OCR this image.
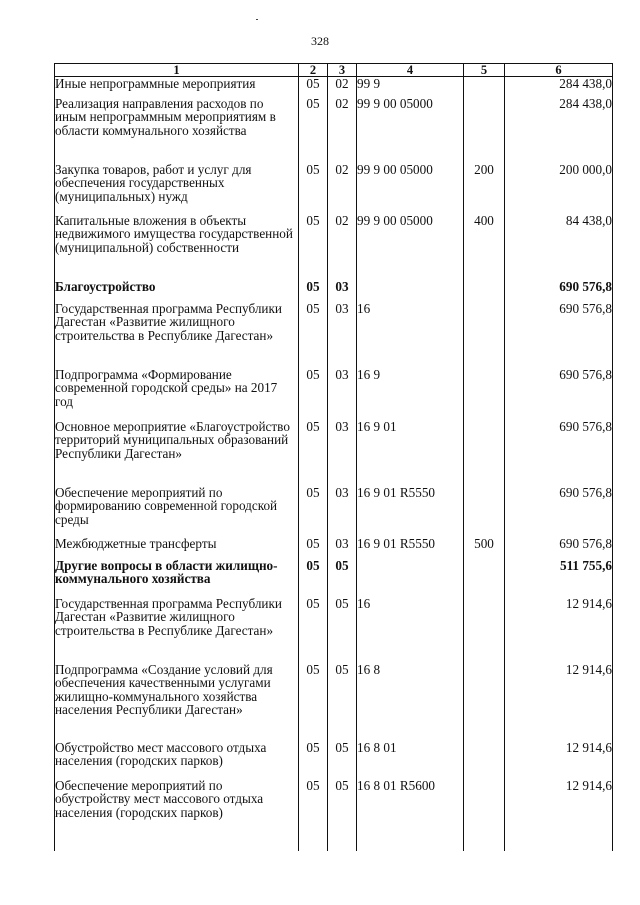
328
1	2	3	4	5	6
Иные непрограммные мероприятия	05	02	99 9		284 438,0
Реализация направления расходов по иным непрограммным мероприятиям в области коммунального хозяйства	05	02	99 9 00 05000		284 438,0
Закупка товаров, работ и услуг для обеспечения государственных (муниципальных) нужд	05	02	99 9 00 05000	200	200 000,0
Капитальные вложения в объекты недвижимого имущества государственной (муниципальной) собственности	05	02	99 9 00 05000	400	84 438,0
Благоустройство	05	03			690 576,8
Государственная программа Республики Дагестан «Развитие жилищного строительства в Республике Дагестан»	05	03	16		690 576,8
Подпрограмма «Формирование современной городской среды» на 2017 год	05	03	16 9		690 576,8
Основное мероприятие «Благоустройство территорий муниципальных образований Республики Дагестан»	05	03	16 9 01		690 576,8
Обеспечение мероприятий по формированию современной городской среды	05	03	16 9 01 R5550		690 576,8
Межбюджетные трансферты	05	03	16 9 01 R5550	500	690 576,8
Другие вопросы в области жилищно-коммунального хозяйства	05	05			511 755,6
Государственная программа Республики Дагестан «Развитие жилищного строительства в Республике Дагестан»	05	05	16		12 914,6
Подпрограмма «Создание условий для обеспечения качественными услугами жилищно-коммунального хозяйства населения Республики Дагестан»	05	05	16 8		12 914,6
Обустройство мест массового отдыха населения (городских парков)	05	05	16 8 01		12 914,6
Обеспечение мероприятий по обустройству мест массового отдыха населения (городских парков)	05	05	16 8 01 R5600		12 914,6
